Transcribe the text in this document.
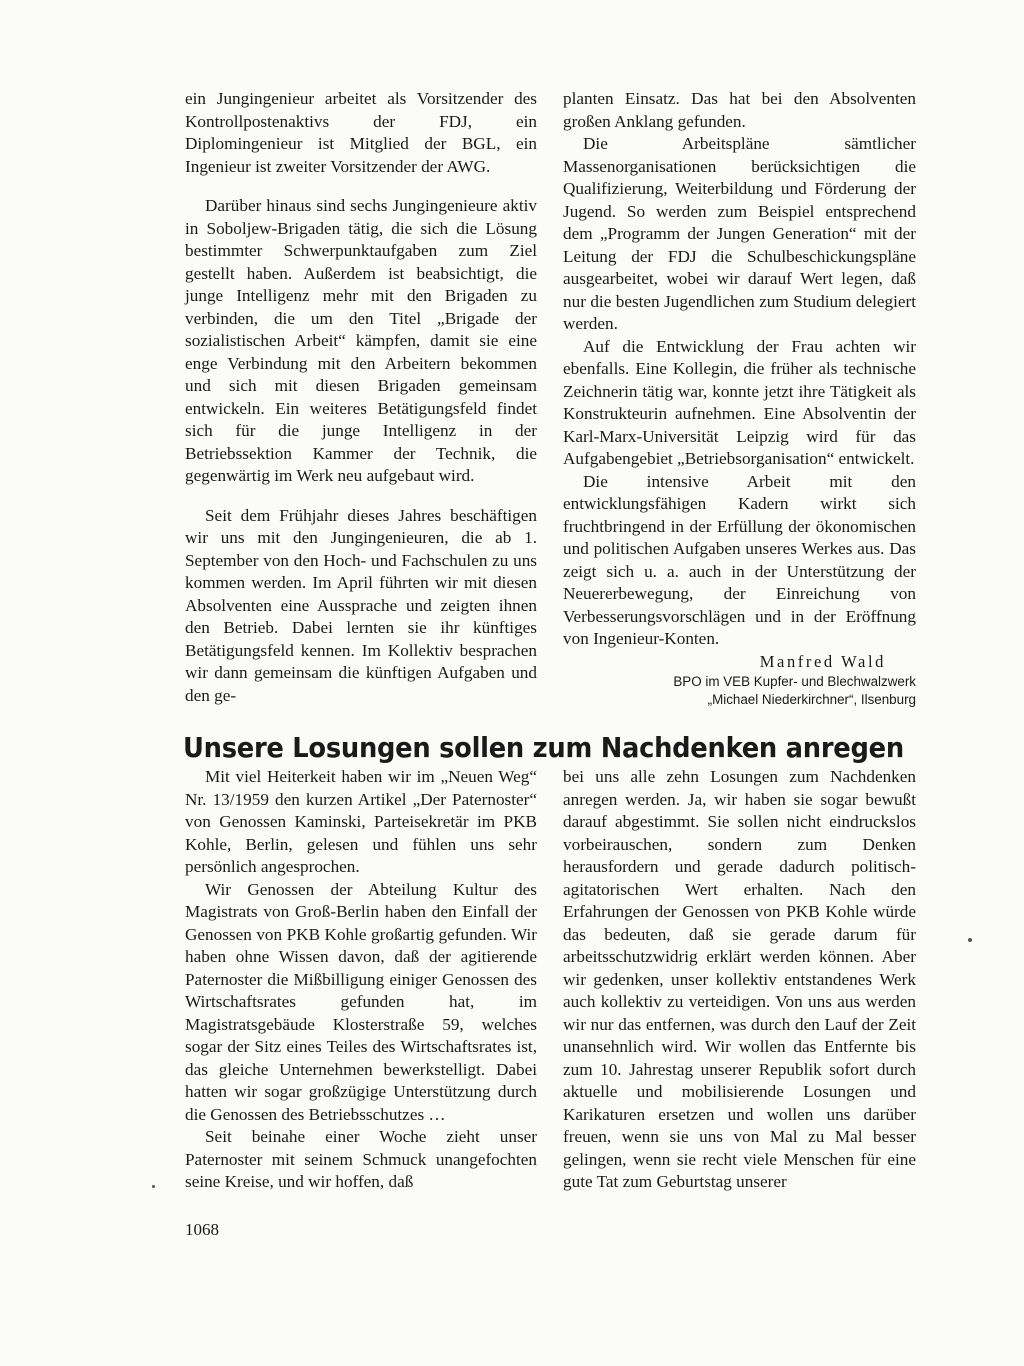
ein Jungingenieur arbeitet als Vorsitzender des Kontrollpostenaktivs der FDJ, ein Diplomingenieur ist Mitglied der BGL, ein Ingenieur ist zweiter Vorsitzender der AWG.

Darüber hinaus sind sechs Jungingenieure aktiv in Soboljew-Brigaden tätig, die sich die Lösung bestimmter Schwerpunktaufgaben zum Ziel gestellt haben. Außerdem ist beabsichtigt, die junge Intelligenz mehr mit den Brigaden zu verbinden, die um den Titel „Brigade der sozialistischen Arbeit“ kämpfen, damit sie eine enge Verbindung mit den Arbeitern bekommen und sich mit diesen Brigaden gemeinsam entwickeln. Ein weiteres Betätigungsfeld findet sich für die junge Intelligenz in der Betriebssektion Kammer der Technik, die gegenwärtig im Werk neu aufgebaut wird.

Seit dem Frühjahr dieses Jahres beschäftigen wir uns mit den Jungingenieuren, die ab 1. September von den Hoch- und Fachschulen zu uns kommen werden. Im April führten wir mit diesen Absolventen eine Aussprache und zeigten ihnen den Betrieb. Dabei lernten sie ihr künftiges Betätigungsfeld kennen. Im Kollektiv besprachen wir dann gemeinsam die künftigen Aufgaben und den ge-

planten Einsatz. Das hat bei den Absolventen großen Anklang gefunden.

Die Arbeitspläne sämtlicher Massenorganisationen berücksichtigen die Qualifizierung, Weiterbildung und Förderung der Jugend. So werden zum Beispiel entsprechend dem „Programm der Jungen Generation“ mit der Leitung der FDJ die Schulbeschickungspläne ausgearbeitet, wobei wir darauf Wert legen, daß nur die besten Jugendlichen zum Studium delegiert werden.

Auf die Entwicklung der Frau achten wir ebenfalls. Eine Kollegin, die früher als technische Zeichnerin tätig war, konnte jetzt ihre Tätigkeit als Konstrukteurin aufnehmen. Eine Absolventin der Karl-Marx-Universität Leipzig wird für das Aufgabengebiet „Betriebsorganisation“ entwickelt.

Die intensive Arbeit mit den entwicklungsfähigen Kadern wirkt sich fruchtbringend in der Erfüllung der ökonomischen und politischen Aufgaben unseres Werkes aus. Das zeigt sich u. a. auch in der Unterstützung der Neuererbewegung, der Einreichung von Verbesserungsvorschlägen und in der Eröffnung von Ingenieur-Konten.

Manfred Wald

BPO im VEB Kupfer- und Blechwalzwerk

„Michael Niederkirchner“, Ilsenburg

Unsere Losungen sollen zum Nachdenken anregen

Mit viel Heiterkeit haben wir im „Neuen Weg“ Nr. 13/1959 den kurzen Artikel „Der Paternoster“ von Genossen Kaminski, Parteisekretär im PKB Kohle, Berlin, gelesen und fühlen uns sehr persönlich angesprochen.

Wir Genossen der Abteilung Kultur des Magistrats von Groß-Berlin haben den Einfall der Genossen von PKB Kohle großartig gefunden. Wir haben ohne Wissen davon, daß der agitierende Paternoster die Mißbilligung einiger Genossen des Wirtschaftsrates gefunden hat, im Magistratsgebäude Klosterstraße 59, welches sogar der Sitz eines Teiles des Wirtschaftsrates ist, das gleiche Unternehmen bewerkstelligt. Dabei hatten wir sogar großzügige Unterstützung durch die Genossen des Betriebsschutzes …

Seit beinahe einer Woche zieht unser Paternoster mit seinem Schmuck unangefochten seine Kreise, und wir hoffen, daß

bei uns alle zehn Losungen zum Nachdenken anregen werden. Ja, wir haben sie sogar bewußt darauf abgestimmt. Sie sollen nicht eindruckslos vorbeirauschen, sondern zum Denken herausfordern und gerade dadurch politisch-agitatorischen Wert erhalten. Nach den Erfahrungen der Genossen von PKB Kohle würde das bedeuten, daß sie gerade darum für arbeitsschutzwidrig erklärt werden können. Aber wir gedenken, unser kollektiv entstandenes Werk auch kollektiv zu verteidigen. Von uns aus werden wir nur das entfernen, was durch den Lauf der Zeit unansehnlich wird. Wir wollen das Entfernte bis zum 10. Jahrestag unserer Republik sofort durch aktuelle und mobilisierende Losungen und Karikaturen ersetzen und wollen uns darüber freuen, wenn sie uns von Mal zu Mal besser gelingen, wenn sie recht viele Menschen für eine gute Tat zum Geburtstag unserer

1068
